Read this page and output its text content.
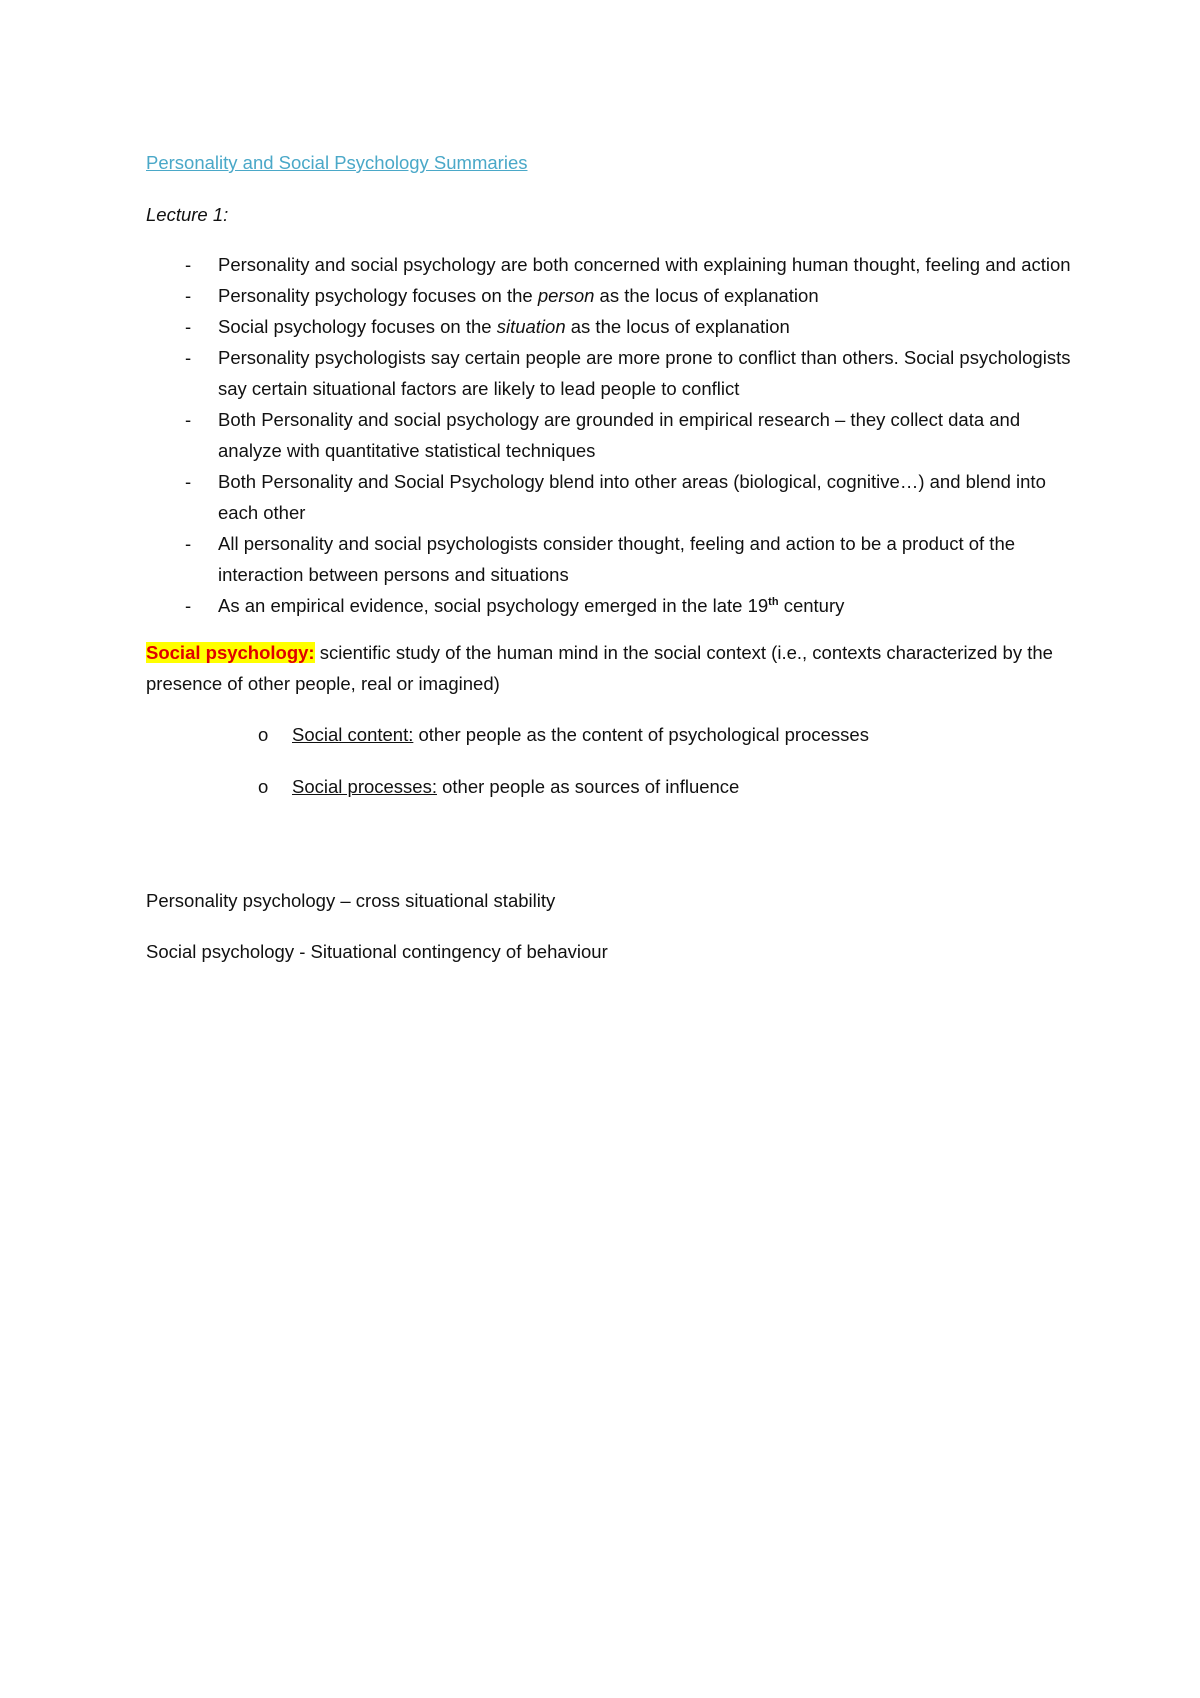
Personality and Social Psychology Summaries
Lecture 1:
- Personality and social psychology are both concerned with explaining human thought, feeling and action
- Personality psychology focuses on the person as the locus of explanation
- Social psychology focuses on the situation as the locus of explanation
- Personality psychologists say certain people are more prone to conflict than others. Social psychologists say certain situational factors are likely to lead people to conflict
- Both Personality and social psychology are grounded in empirical research – they collect data and analyze with quantitative statistical techniques
- Both Personality and Social Psychology blend into other areas (biological, cognitive…) and blend into each other
- All personality and social psychologists consider thought, feeling and action to be a product of the interaction between persons and situations
- As an empirical evidence, social psychology emerged in the late 19th century

Social psychology: scientific study of the human mind in the social context (i.e., contexts characterized by the presence of other people, real or imagined)

o Social content: other people as the content of psychological processes
o Social processes: other people as sources of influence

Personality psychology – cross situational stability

Social psychology - Situational contingency of behaviour
